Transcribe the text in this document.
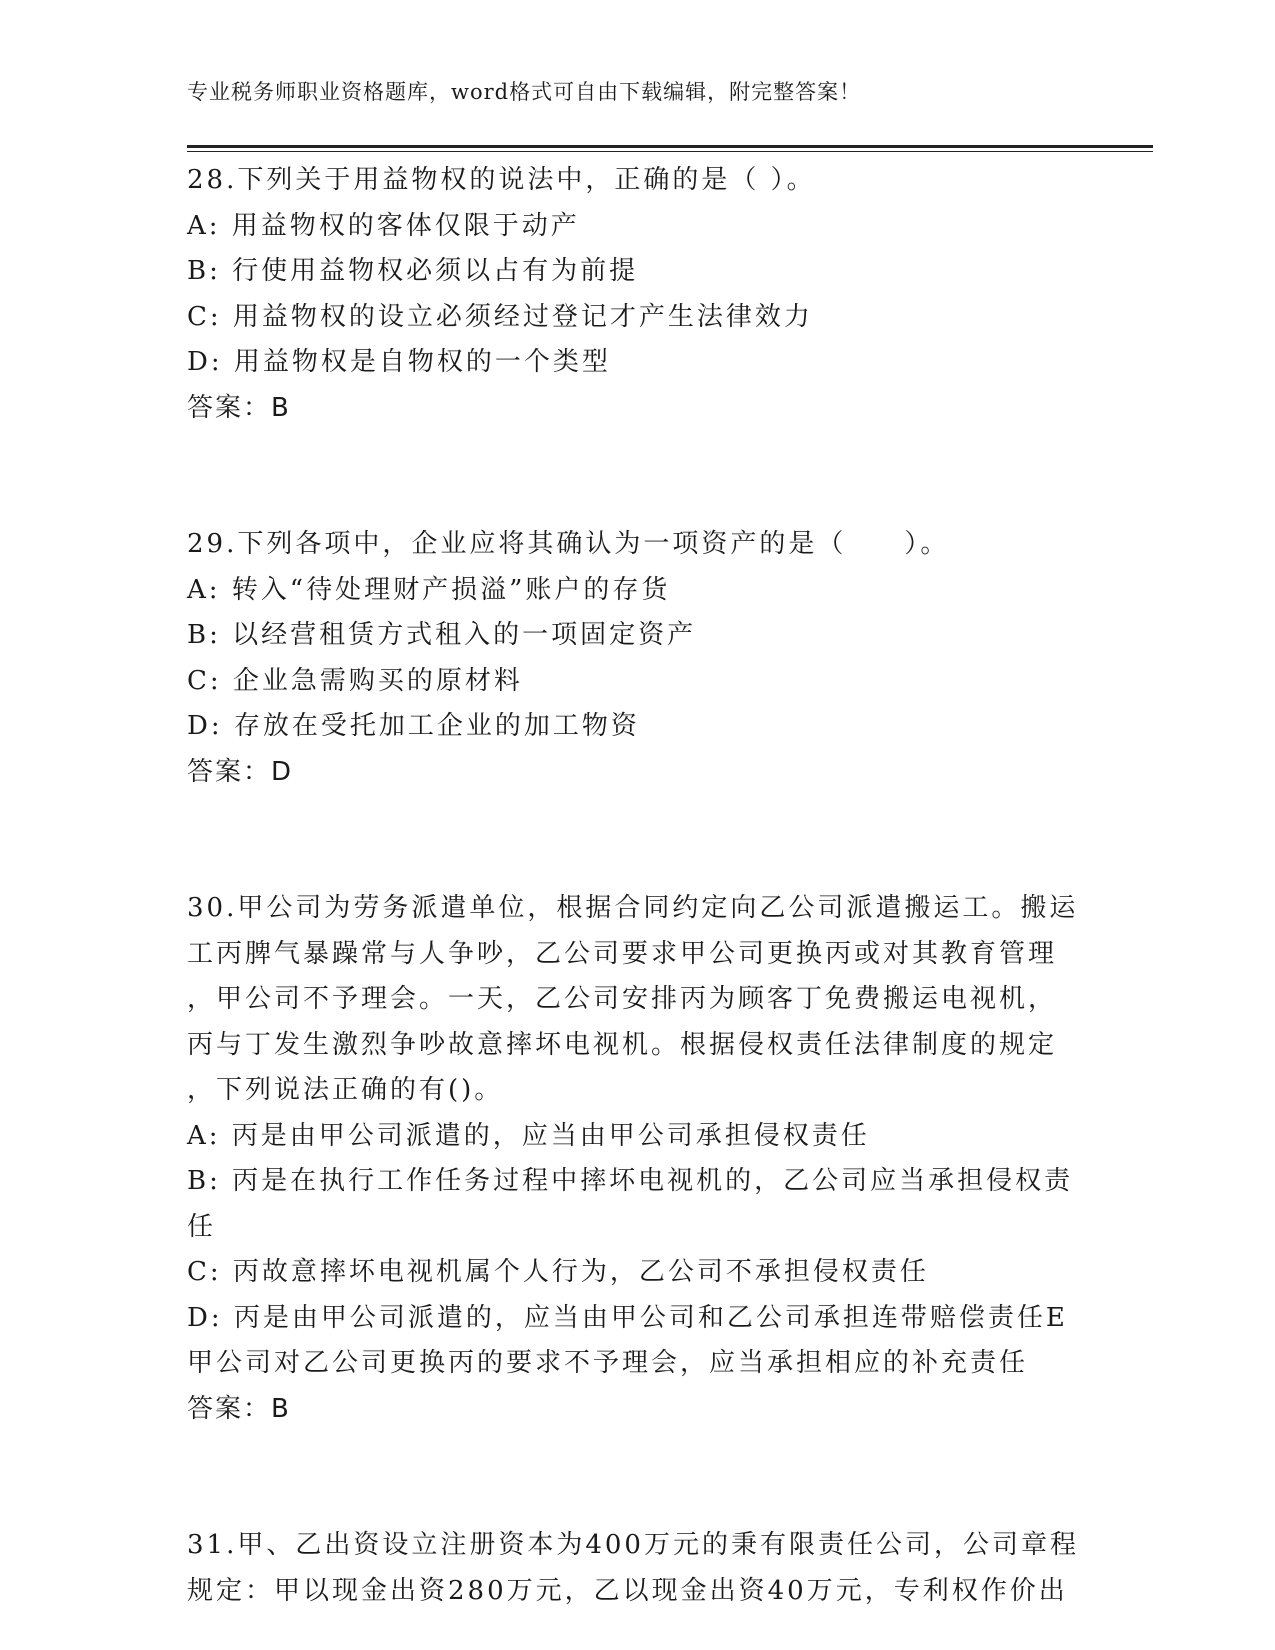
专业税务师职业资格题库，word格式可自由下载编辑，附完整答案！
28.下列关于用益物权的说法中，正确的是（ ）。
A: 用益物权的客体仅限于动产
B: 行使用益物权必须以占有为前提
C: 用益物权的设立必须经过登记才产生法律效力
D: 用益物权是自物权的一个类型
答案：B
29.下列各项中，企业应将其确认为一项资产的是（　　）。
A: 转入“待处理财产损溢”账户的存货
B: 以经营租赁方式租入的一项固定资产
C: 企业急需购买的原材料
D: 存放在受托加工企业的加工物资
答案：D
30.甲公司为劳务派遣单位，根据合同约定向乙公司派遣搬运工。搬运
工丙脾气暴躁常与人争吵，乙公司要求甲公司更换丙或对其教育管理
，甲公司不予理会。一天，乙公司安排丙为顾客丁免费搬运电视机，
丙与丁发生激烈争吵故意摔坏电视机。根据侵权责任法律制度的规定
，下列说法正确的有()。
A: 丙是由甲公司派遣的，应当由甲公司承担侵权责任
B: 丙是在执行工作任务过程中摔坏电视机的，乙公司应当承担侵权责
任
C: 丙故意摔坏电视机属个人行为，乙公司不承担侵权责任
D: 丙是由甲公司派遣的，应当由甲公司和乙公司承担连带赔偿责任E
甲公司对乙公司更换丙的要求不予理会，应当承担相应的补充责任
答案：B
31.甲、乙出资设立注册资本为400万元的秉有限责任公司，公司章程
规定：甲以现金出资280万元，乙以现金出资40万元，专利权作价出
